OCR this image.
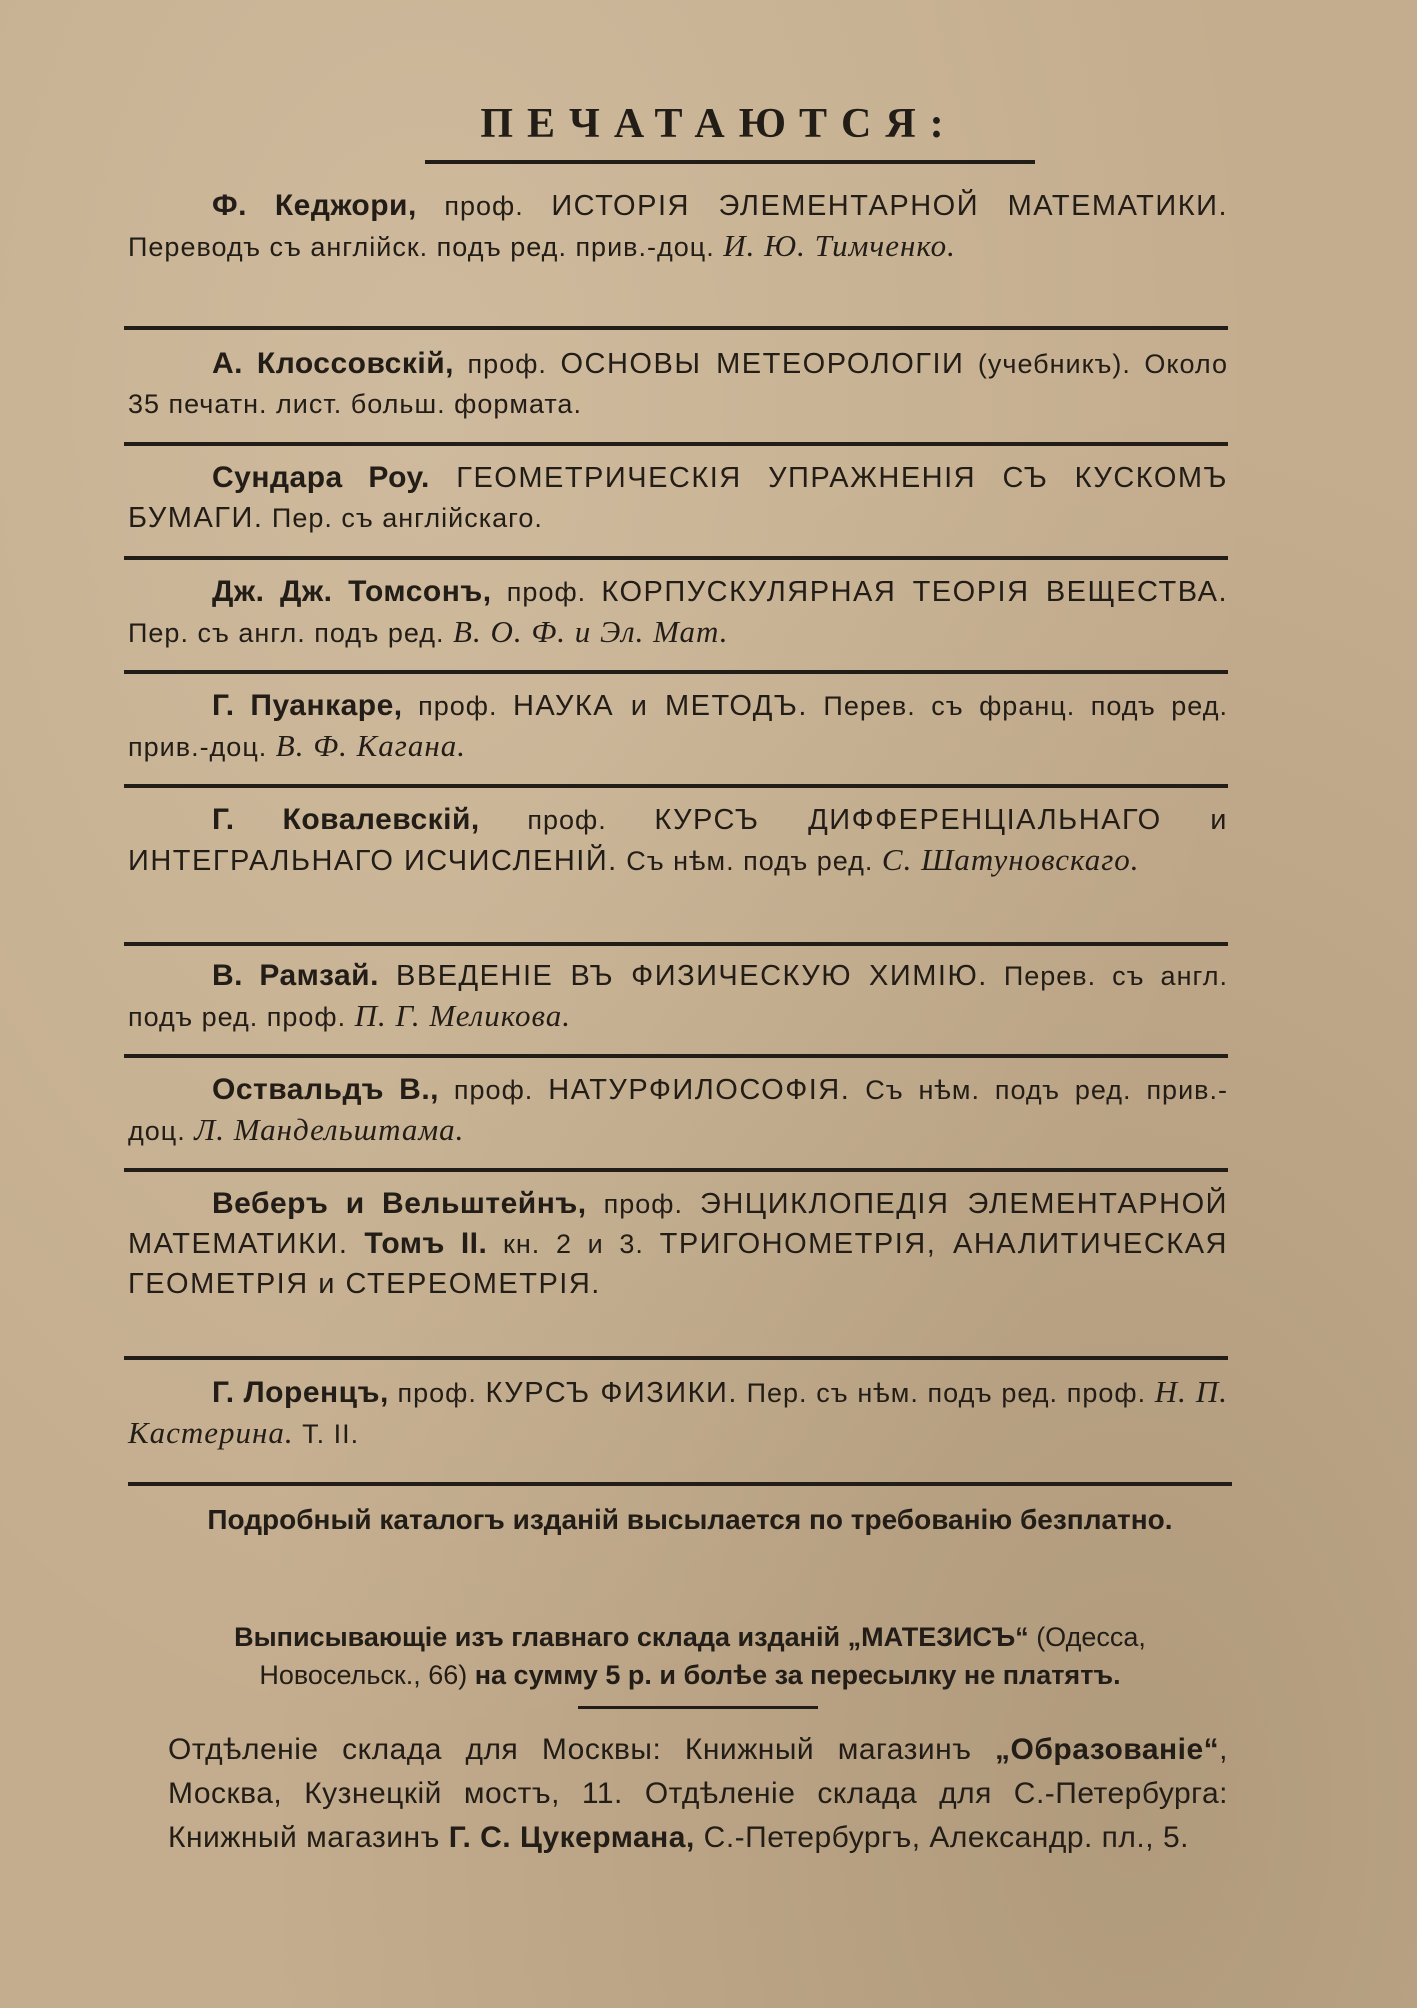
ПЕЧАТАЮТСЯ:

Ф. Кеджори, проф. ИСТОРІЯ ЭЛЕМЕНТАРНОЙ МАТЕМАТИКИ. Переводъ съ англійск. подъ ред. прив.-доц. И. Ю. Тимченко.

А. Клоссовскій, проф. ОСНОВЫ МЕТЕОРОЛОГІИ (учебникъ). Около 35 печатн. лист. больш. формата.

Сундара Роу. ГЕОМЕТРИЧЕСКІЯ УПРАЖНЕНІЯ СЪ КУСКОМЪ БУМАГИ. Пер. съ англійскаго.

Дж. Дж. Томсонъ, проф. КОРПУСКУЛЯРНАЯ ТЕОРІЯ ВЕЩЕСТВА. Пер. съ англ. подъ ред. В. О. Ф. и Эл. Мат.

Г. Пуанкаре, проф. НАУКА и МЕТОДЪ. Перев. съ франц. подъ ред. прив.-доц. В. Ф. Кагана.

Г. Ковалевскій, проф. КУРСЪ ДИФФЕРЕНЦІАЛЬНАГО и ИНТЕГРАЛЬНАГО ИСЧИСЛЕНІЙ. Съ нѣм. подъ ред. С. Шатуновскаго.

В. Рамзай. ВВЕДЕНІЕ ВЪ ФИЗИЧЕСКУЮ ХИМІЮ. Перев. съ англ. подъ ред. проф. П. Г. Меликова.

Оствальдъ В., проф. НАТУРФИЛОСОФІЯ. Съ нѣм. подъ ред. прив.-доц. Л. Мандельштама.

Веберъ и Вельштейнъ, проф. ЭНЦИКЛОПЕДІЯ ЭЛЕМЕНТАРНОЙ МАТЕМАТИКИ. Томъ II. кн. 2 и 3. ТРИГОНОМЕТРІЯ, АНАЛИТИЧЕСКАЯ ГЕОМЕТРІЯ и СТЕРЕОМЕТРІЯ.

Г. Лоренцъ, проф. КУРСЪ ФИЗИКИ. Пер. съ нѣм. подъ ред. проф. Н. П. Кастерина. Т. II.

Подробный каталогъ изданій высылается по требованію безплатно.
Выписывающіе изъ главнаго склада изданій „МАТЕЗИСЪ“ (Одесса, Новосельск., 66) на сумму 5 р. и болѣе за пересылку не платятъ.
Отдѣленіе склада для Москвы: Книжный магазинъ „Образованіе“, Москва, Кузнецкій мостъ, 11. Отдѣленіе склада для С.-Петербурга: Книжный магазинъ Г. С. Цукермана, С.-Петербургъ, Александр. пл., 5.
